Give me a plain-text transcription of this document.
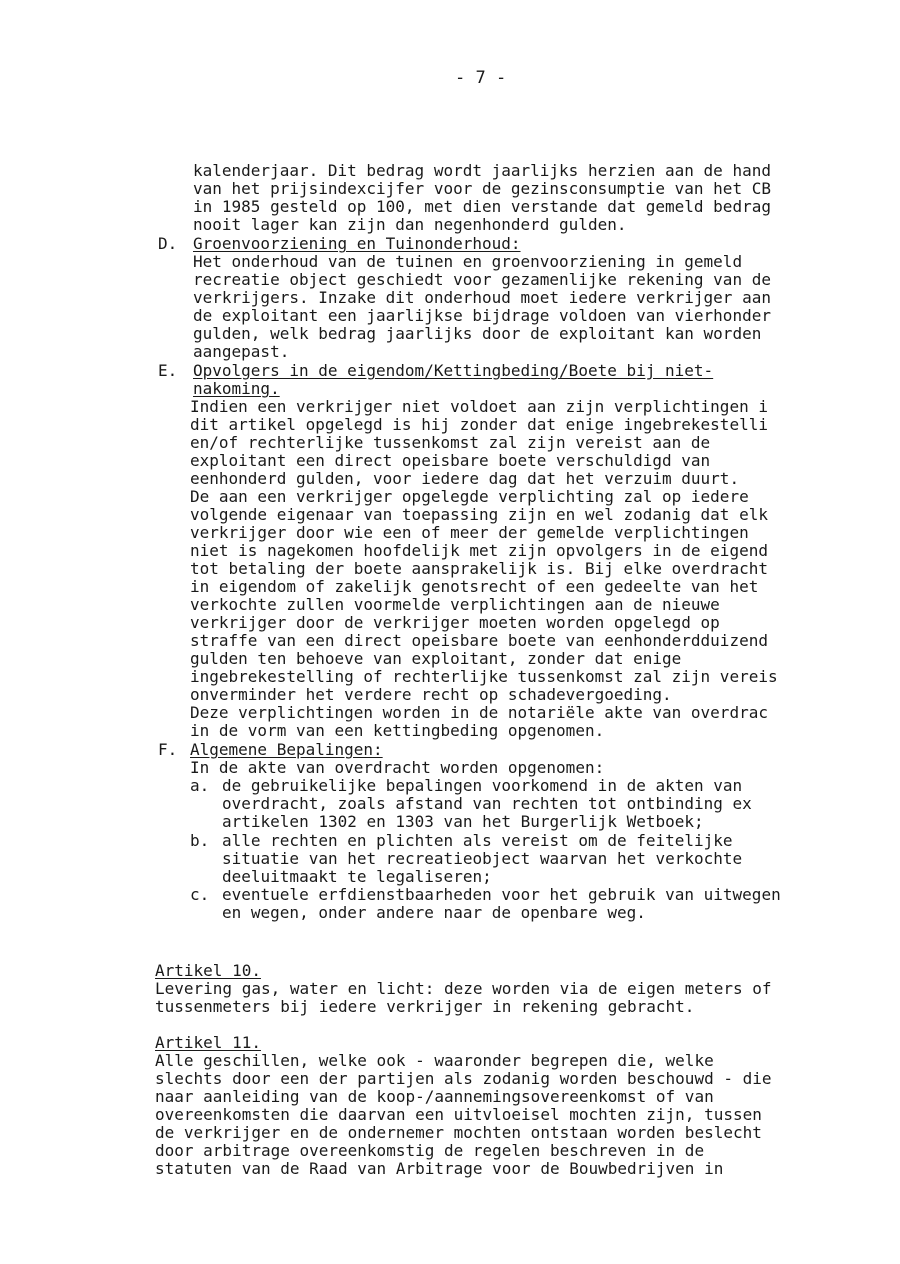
- 7 -
kalenderjaar. Dit bedrag wordt jaarlijks herzien aan de hand
van het prijsindexcijfer voor de gezinsconsumptie van het CB
in 1985 gesteld op 100, met dien verstande dat gemeld bedrag
nooit lager kan zijn dan negenhonderd gulden.
D. Groenvoorziening en Tuinonderhoud:
Het onderhoud van de tuinen en groenvoorziening in gemeld
recreatie object geschiedt voor gezamenlijke rekening van de
verkrijgers. Inzake dit onderhoud moet iedere verkrijger aan
de exploitant een jaarlijkse bijdrage voldoen van vierhonder
gulden, welk bedrag jaarlijks door de exploitant kan worden
aangepast.
E. Opvolgers in de eigendom/Kettingbeding/Boete bij niet-
nakoming.
Indien een verkrijger niet voldoet aan zijn verplichtingen i
dit artikel opgelegd is hij zonder dat enige ingebrekestelli
en/of rechterlijke tussenkomst zal zijn vereist aan de
exploitant een direct opeisbare boete verschuldigd van
eenhonderd gulden, voor iedere dag dat het verzuim duurt.
De aan een verkrijger opgelegde verplichting zal op iedere
volgende eigenaar van toepassing zijn en wel zodanig dat elk
verkrijger door wie een of meer der gemelde verplichtingen
niet is nagekomen hoofdelijk met zijn opvolgers in de eigend
tot betaling der boete aansprakelijk is. Bij elke overdracht
in eigendom of zakelijk genotsrecht of een gedeelte van het
verkochte zullen voormelde verplichtingen aan de nieuwe
verkrijger door de verkrijger moeten worden opgelegd op
straffe van een direct opeisbare boete van eenhonderdduizend
gulden ten behoeve van exploitant, zonder dat enige
ingebrekestelling of rechterlijke tussenkomst zal zijn vereis
onverminder het verdere recht op schadevergoeding.
Deze verplichtingen worden in de notariële akte van overdrac
in de vorm van een kettingbeding opgenomen.
F. Algemene Bepalingen:
In de akte van overdracht worden opgenomen:
a. de gebruikelijke bepalingen voorkomend in de akten van
overdracht, zoals afstand van rechten tot ontbinding ex
artikelen 1302 en 1303 van het Burgerlijk Wetboek;
b. alle rechten en plichten als vereist om de feitelijke
situatie van het recreatieobject waarvan het verkochte
deeluitmaakt te legaliseren;
c. eventuele erfdienstbaarheden voor het gebruik van uitwegen
en wegen, onder andere naar de openbare weg.
Artikel 10.
Levering gas, water en licht: deze worden via de eigen meters of
tussenmeters bij iedere verkrijger in rekening gebracht.
Artikel 11.
Alle geschillen, welke ook - waaronder begrepen die, welke
slechts door een der partijen als zodanig worden beschouwd - die
naar aanleiding van de koop-/aannemingsovereenkomst of van
overeenkomsten die daarvan een uitvloeisel mochten zijn, tussen
de verkrijger en de ondernemer mochten ontstaan worden beslecht
door arbitrage overeenkomstig de regelen beschreven in de
statuten van de Raad van Arbitrage voor de Bouwbedrijven in
